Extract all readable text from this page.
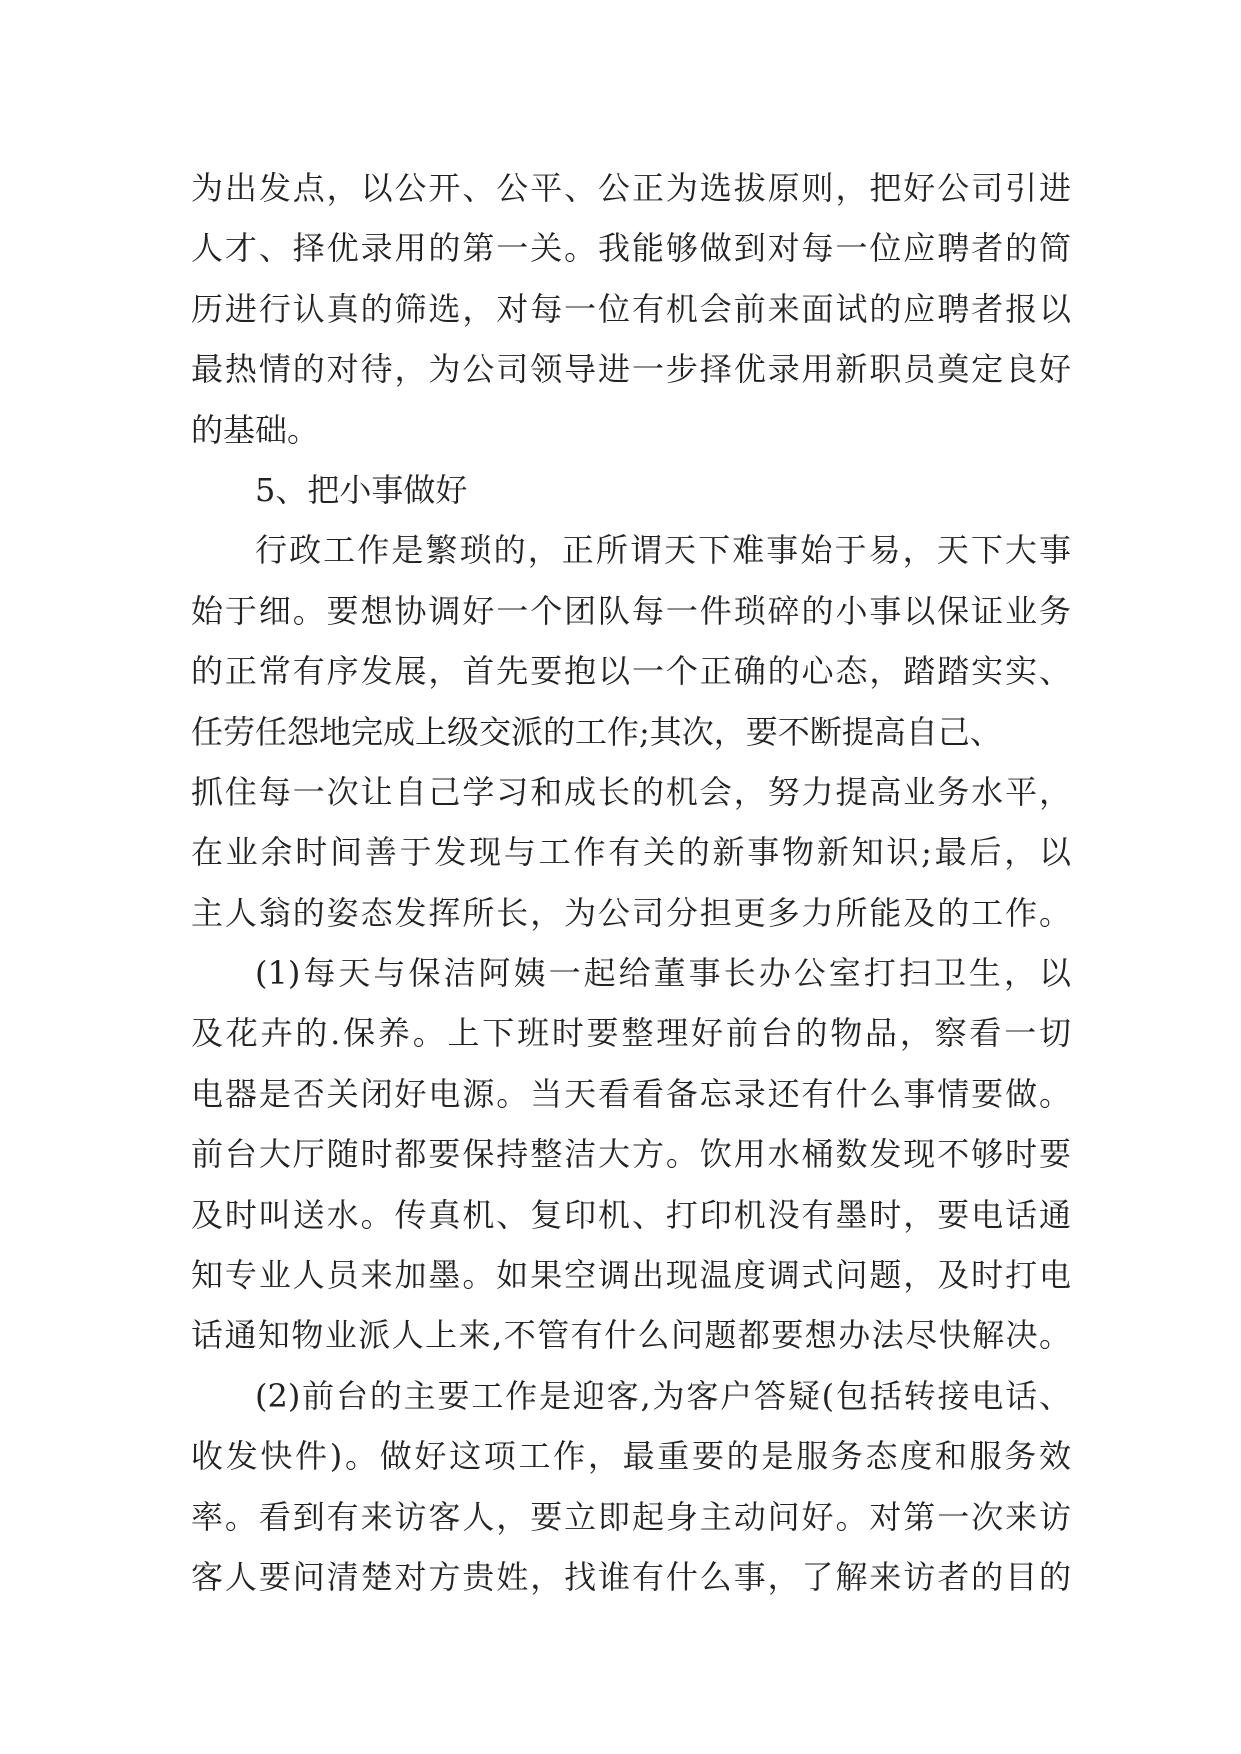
为出发点，以公开、公平、公正为选拔原则，把好公司引进
人才、择优录用的第一关。我能够做到对每一位应聘者的简
历进行认真的筛选，对每一位有机会前来面试的应聘者报以
最热情的对待，为公司领导进一步择优录用新职员奠定良好
的基础。
5、把小事做好
行政工作是繁琐的，正所谓天下难事始于易，天下大事
始于细。要想协调好一个团队每一件琐碎的小事以保证业务
的正常有序发展，首先要抱以一个正确的心态，踏踏实实、
任劳任怨地完成上级交派的工作;其次，要不断提高自己、
抓住每一次让自己学习和成长的机会，努力提高业务水平，
在业余时间善于发现与工作有关的新事物新知识;最后，以
主人翁的姿态发挥所长，为公司分担更多力所能及的工作。
(1)每天与保洁阿姨一起给董事长办公室打扫卫生，以
及花卉的.保养。上下班时要整理好前台的物品，察看一切
电器是否关闭好电源。当天看看备忘录还有什么事情要做。
前台大厅随时都要保持整洁大方。饮用水桶数发现不够时要
及时叫送水。传真机、复印机、打印机没有墨时，要电话通
知专业人员来加墨。如果空调出现温度调式问题，及时打电
话通知物业派人上来,不管有什么问题都要想办法尽快解决。
(2)前台的主要工作是迎客,为客户答疑(包括转接电话、
收发快件)。做好这项工作，最重要的是服务态度和服务效
率。看到有来访客人，要立即起身主动问好。对第一次来访
客人要问清楚对方贵姓，找谁有什么事，了解来访者的目的
